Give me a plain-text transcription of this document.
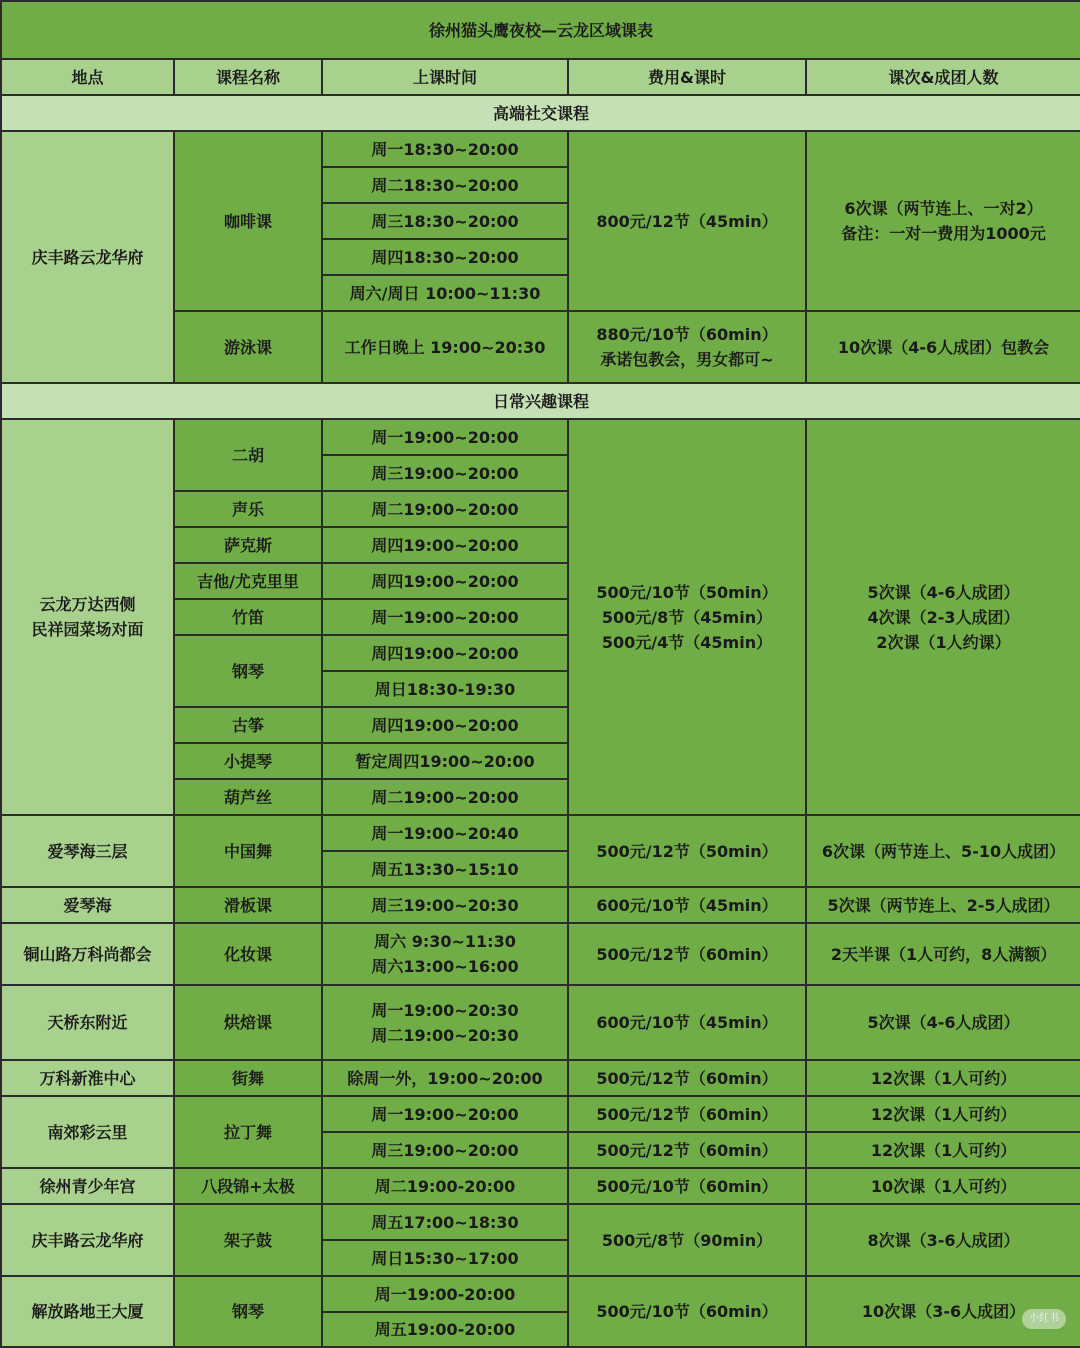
徐州猫头鹰夜校—云龙区域课表				
地点	课程名称	上课时间	费用&课时	课次&成团人数
高端社交课程				
庆丰路云龙华府	咖啡课	周一18:30~20:00	800元/12节（45min）	6次课（两节连上、一对2）
备注：一对一费用为1000元
		周二18:30~20:00		
		周三18:30~20:00		
		周四18:30~20:00		
		周六/周日 10:00~11:30		
	游泳课	工作日晚上 19:00~20:30	880元/10节（60min）
承诺包教会，男女都可~	10次课（4-6人成团）包教会
日常兴趣课程				
云龙万达西侧
民祥园菜场对面	二胡	周一19:00~20:00	500元/10节（50min）
500元/8节（45min）
500元/4节（45min）	5次课（4-6人成团）
4次课（2-3人成团）
2次课（1人约课）
		周三19:00~20:00		
	声乐	周二19:00~20:00		
	萨克斯	周四19:00~20:00		
	吉他/尤克里里	周四19:00~20:00		
	竹笛	周一19:00~20:00		
	钢琴	周四19:00~20:00		
		周日18:30-19:30		
	古筝	周四19:00~20:00		
	小提琴	暂定周四19:00~20:00		
	葫芦丝	周二19:00~20:00		
爱琴海三层	中国舞	周一19:00~20:40	500元/12节（50min）	6次课（两节连上、5-10人成团）
		周五13:30~15:10		
爱琴海	滑板课	周三19:00~20:30	600元/10节（45min）	5次课（两节连上、2-5人成团）
铜山路万科尚都会	化妆课	周六 9:30~11:30
周六13:00~16:00	500元/12节（60min）	2天半课（1人可约，8人满额）
天桥东附近	烘焙课	周一19:00~20:30
周二19:00~20:30	600元/10节（45min）	5次课（4-6人成团）
万科新淮中心	街舞	除周一外，19:00~20:00	500元/12节（60min）	12次课（1人可约）
南郊彩云里	拉丁舞	周一19:00~20:00	500元/12节（60min）	12次课（1人可约）
		周三19:00~20:00	500元/12节（60min）	12次课（1人可约）
徐州青少年宫	八段锦+太极	周二19:00-20:00	500元/10节（60min）	10次课（1人可约）
庆丰路云龙华府	架子鼓	周五17:00~18:30	500元/8节（90min）	8次课（3-6人成团）
		周日15:30~17:00		
解放路地王大厦	钢琴	周一19:00-20:00	500元/10节（60min）	10次课（3-6人成团）
		周五19:00-20:00			小红书
